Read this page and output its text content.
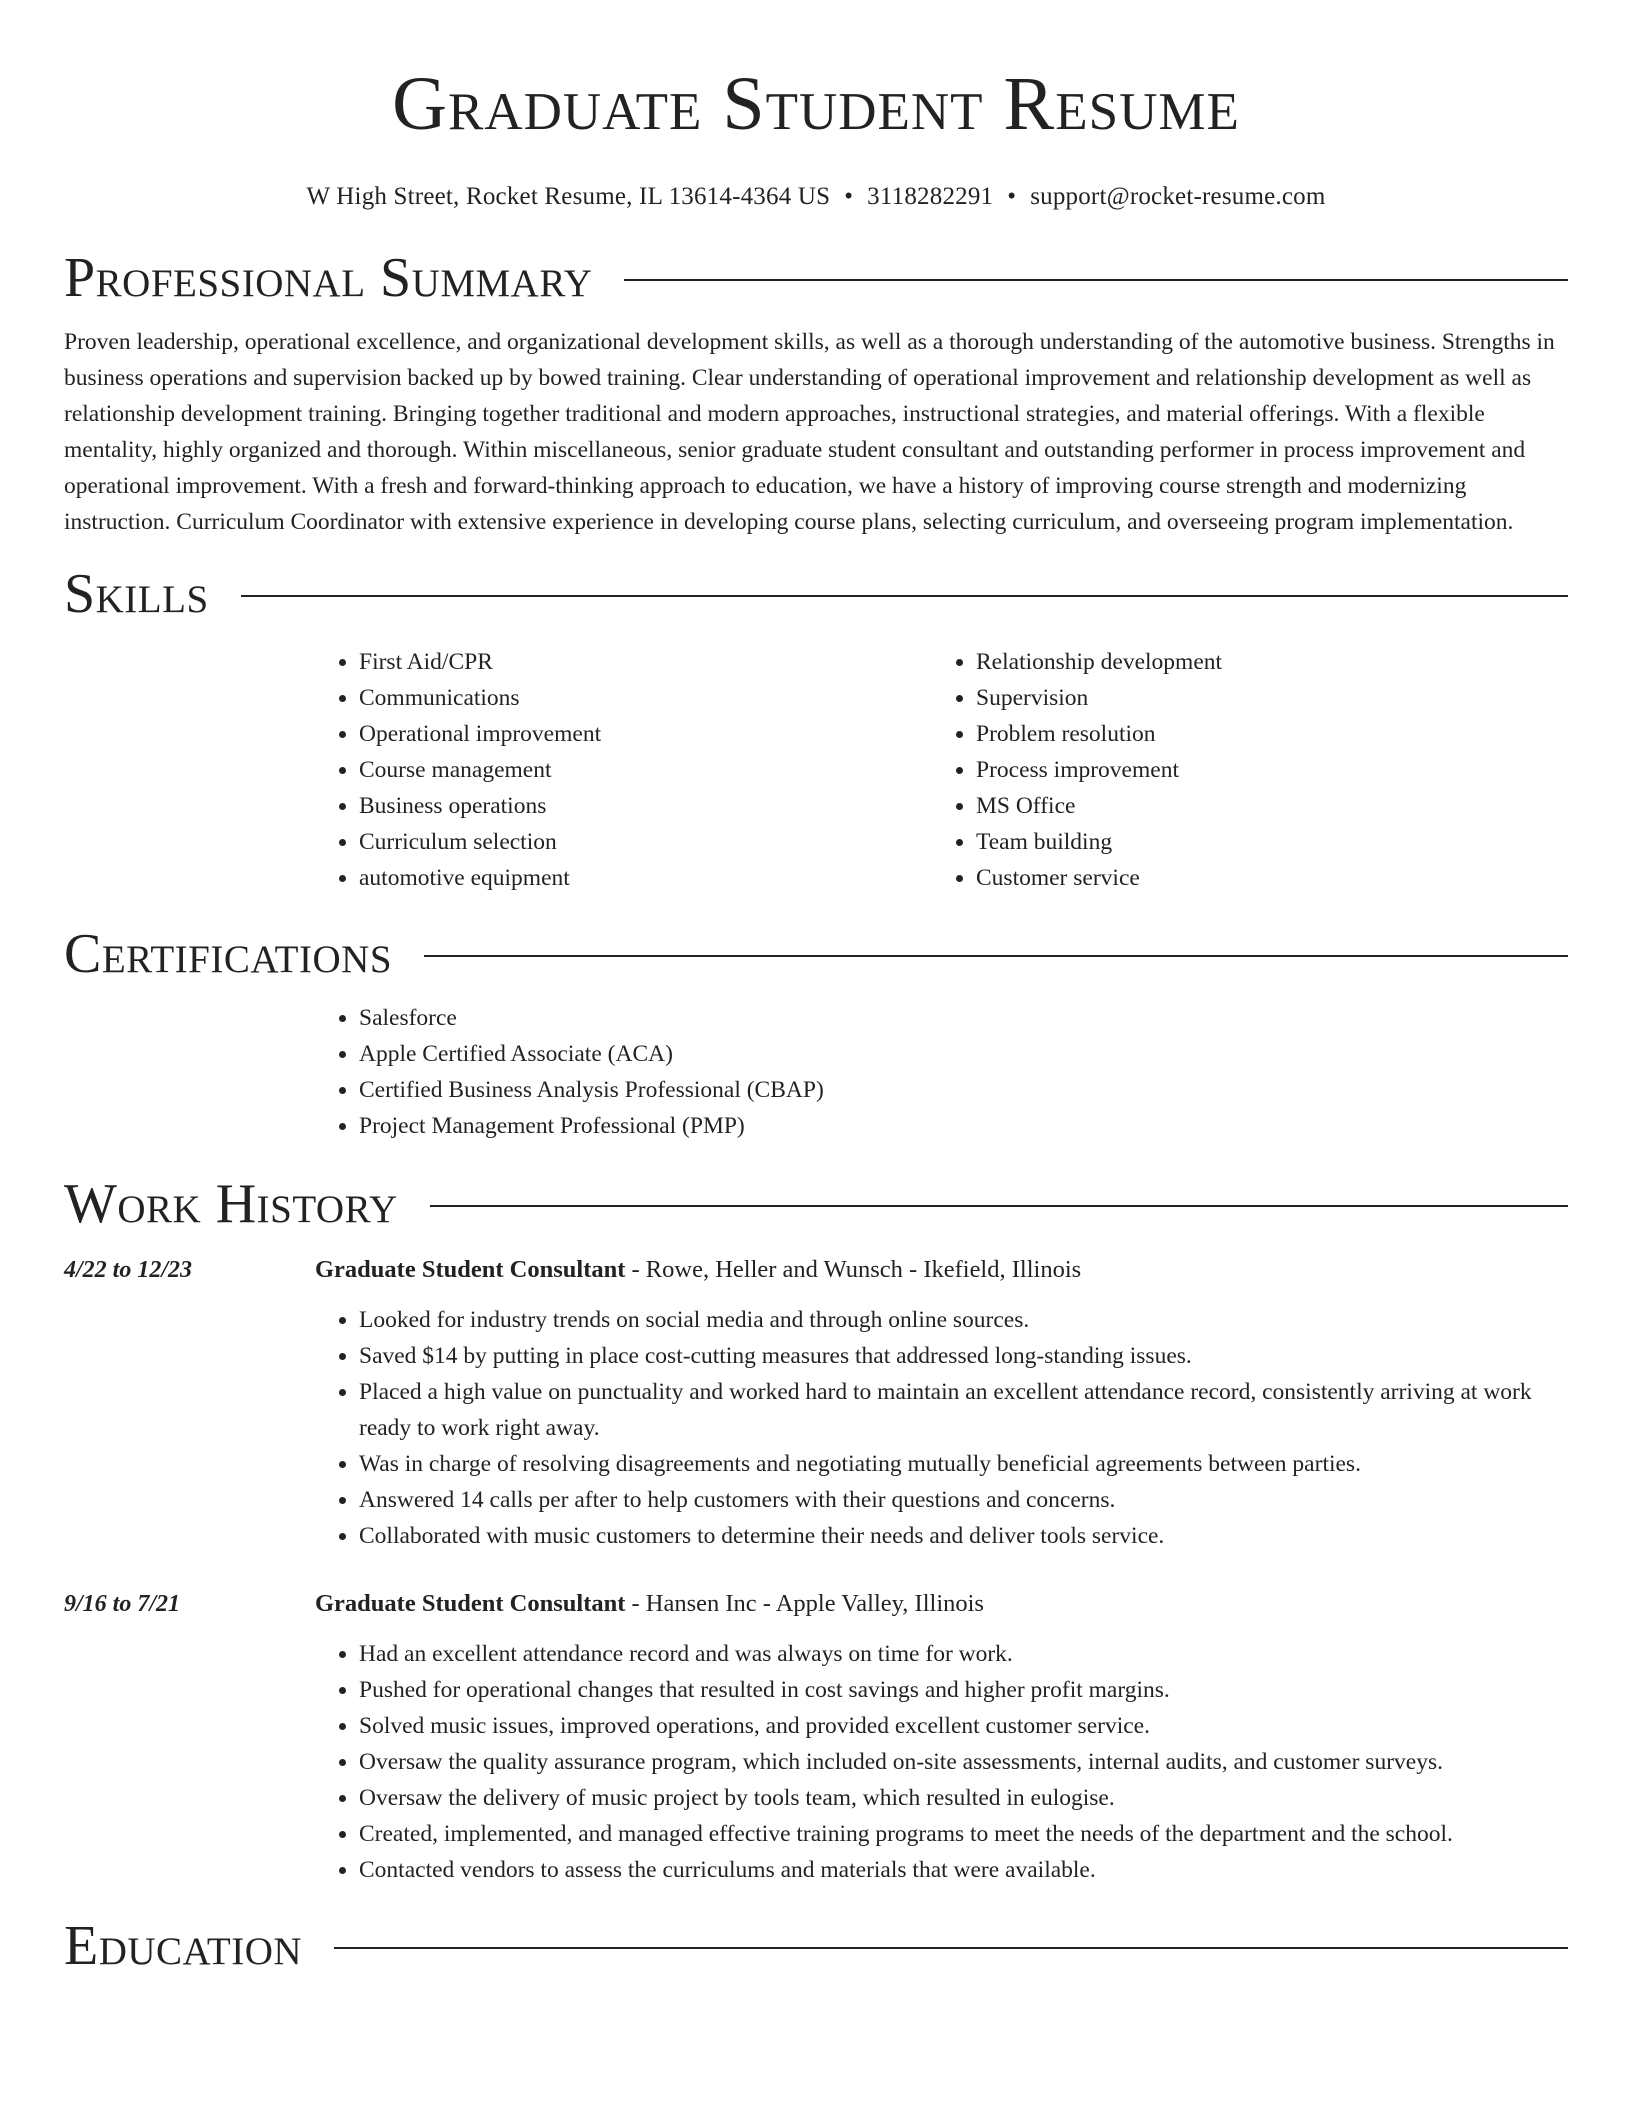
Graduate Student Resume
W High Street, Rocket Resume, IL 13614-4364 US • 3118282291 • support@rocket-resume.com
Professional Summary

Proven leadership, operational excellence, and organizational development skills, as well as a thorough understanding of the automotive business. Strengths in business operations and supervision backed up by bowed training. Clear understanding of operational improvement and relationship development as well as relationship development training. Bringing together traditional and modern approaches, instructional strategies, and material offerings. With a flexible mentality, highly organized and thorough. Within miscellaneous, senior graduate student consultant and outstanding performer in process improvement and operational improvement. With a fresh and forward-thinking approach to education, we have a history of improving course strength and modernizing instruction. Curriculum Coordinator with extensive experience in developing course plans, selecting curriculum, and overseeing program implementation.

Skills
• First Aid/CPR
• Communications
• Operational improvement
• Course management
• Business operations
• Curriculum selection
• automotive equipment
• Relationship development
• Supervision
• Problem resolution
• Process improvement
• MS Office
• Team building
• Customer service
Certifications
• Salesforce
• Apple Certified Associate (ACA)
• Certified Business Analysis Professional (CBAP)
• Project Management Professional (PMP)
Work History
4/22 to 12/23	Graduate Student Consultant - Rowe, Heller and Wunsch - Ikefield, Illinois
• Looked for industry trends on social media and through online sources.
• Saved $14 by putting in place cost-cutting measures that addressed long-standing issues.
• Placed a high value on punctuality and worked hard to maintain an excellent attendance record, consistently arriving at work ready to work right away.
• Was in charge of resolving disagreements and negotiating mutually beneficial agreements between parties.
• Answered 14 calls per after to help customers with their questions and concerns.
• Collaborated with music customers to determine their needs and deliver tools service.
9/16 to 7/21	Graduate Student Consultant - Hansen Inc - Apple Valley, Illinois
• Had an excellent attendance record and was always on time for work.
• Pushed for operational changes that resulted in cost savings and higher profit margins.
• Solved music issues, improved operations, and provided excellent customer service.
• Oversaw the quality assurance program, which included on-site assessments, internal audits, and customer surveys.
• Oversaw the delivery of music project by tools team, which resulted in eulogise.
• Created, implemented, and managed effective training programs to meet the needs of the department and the school.
• Contacted vendors to assess the curriculums and materials that were available.
Education
